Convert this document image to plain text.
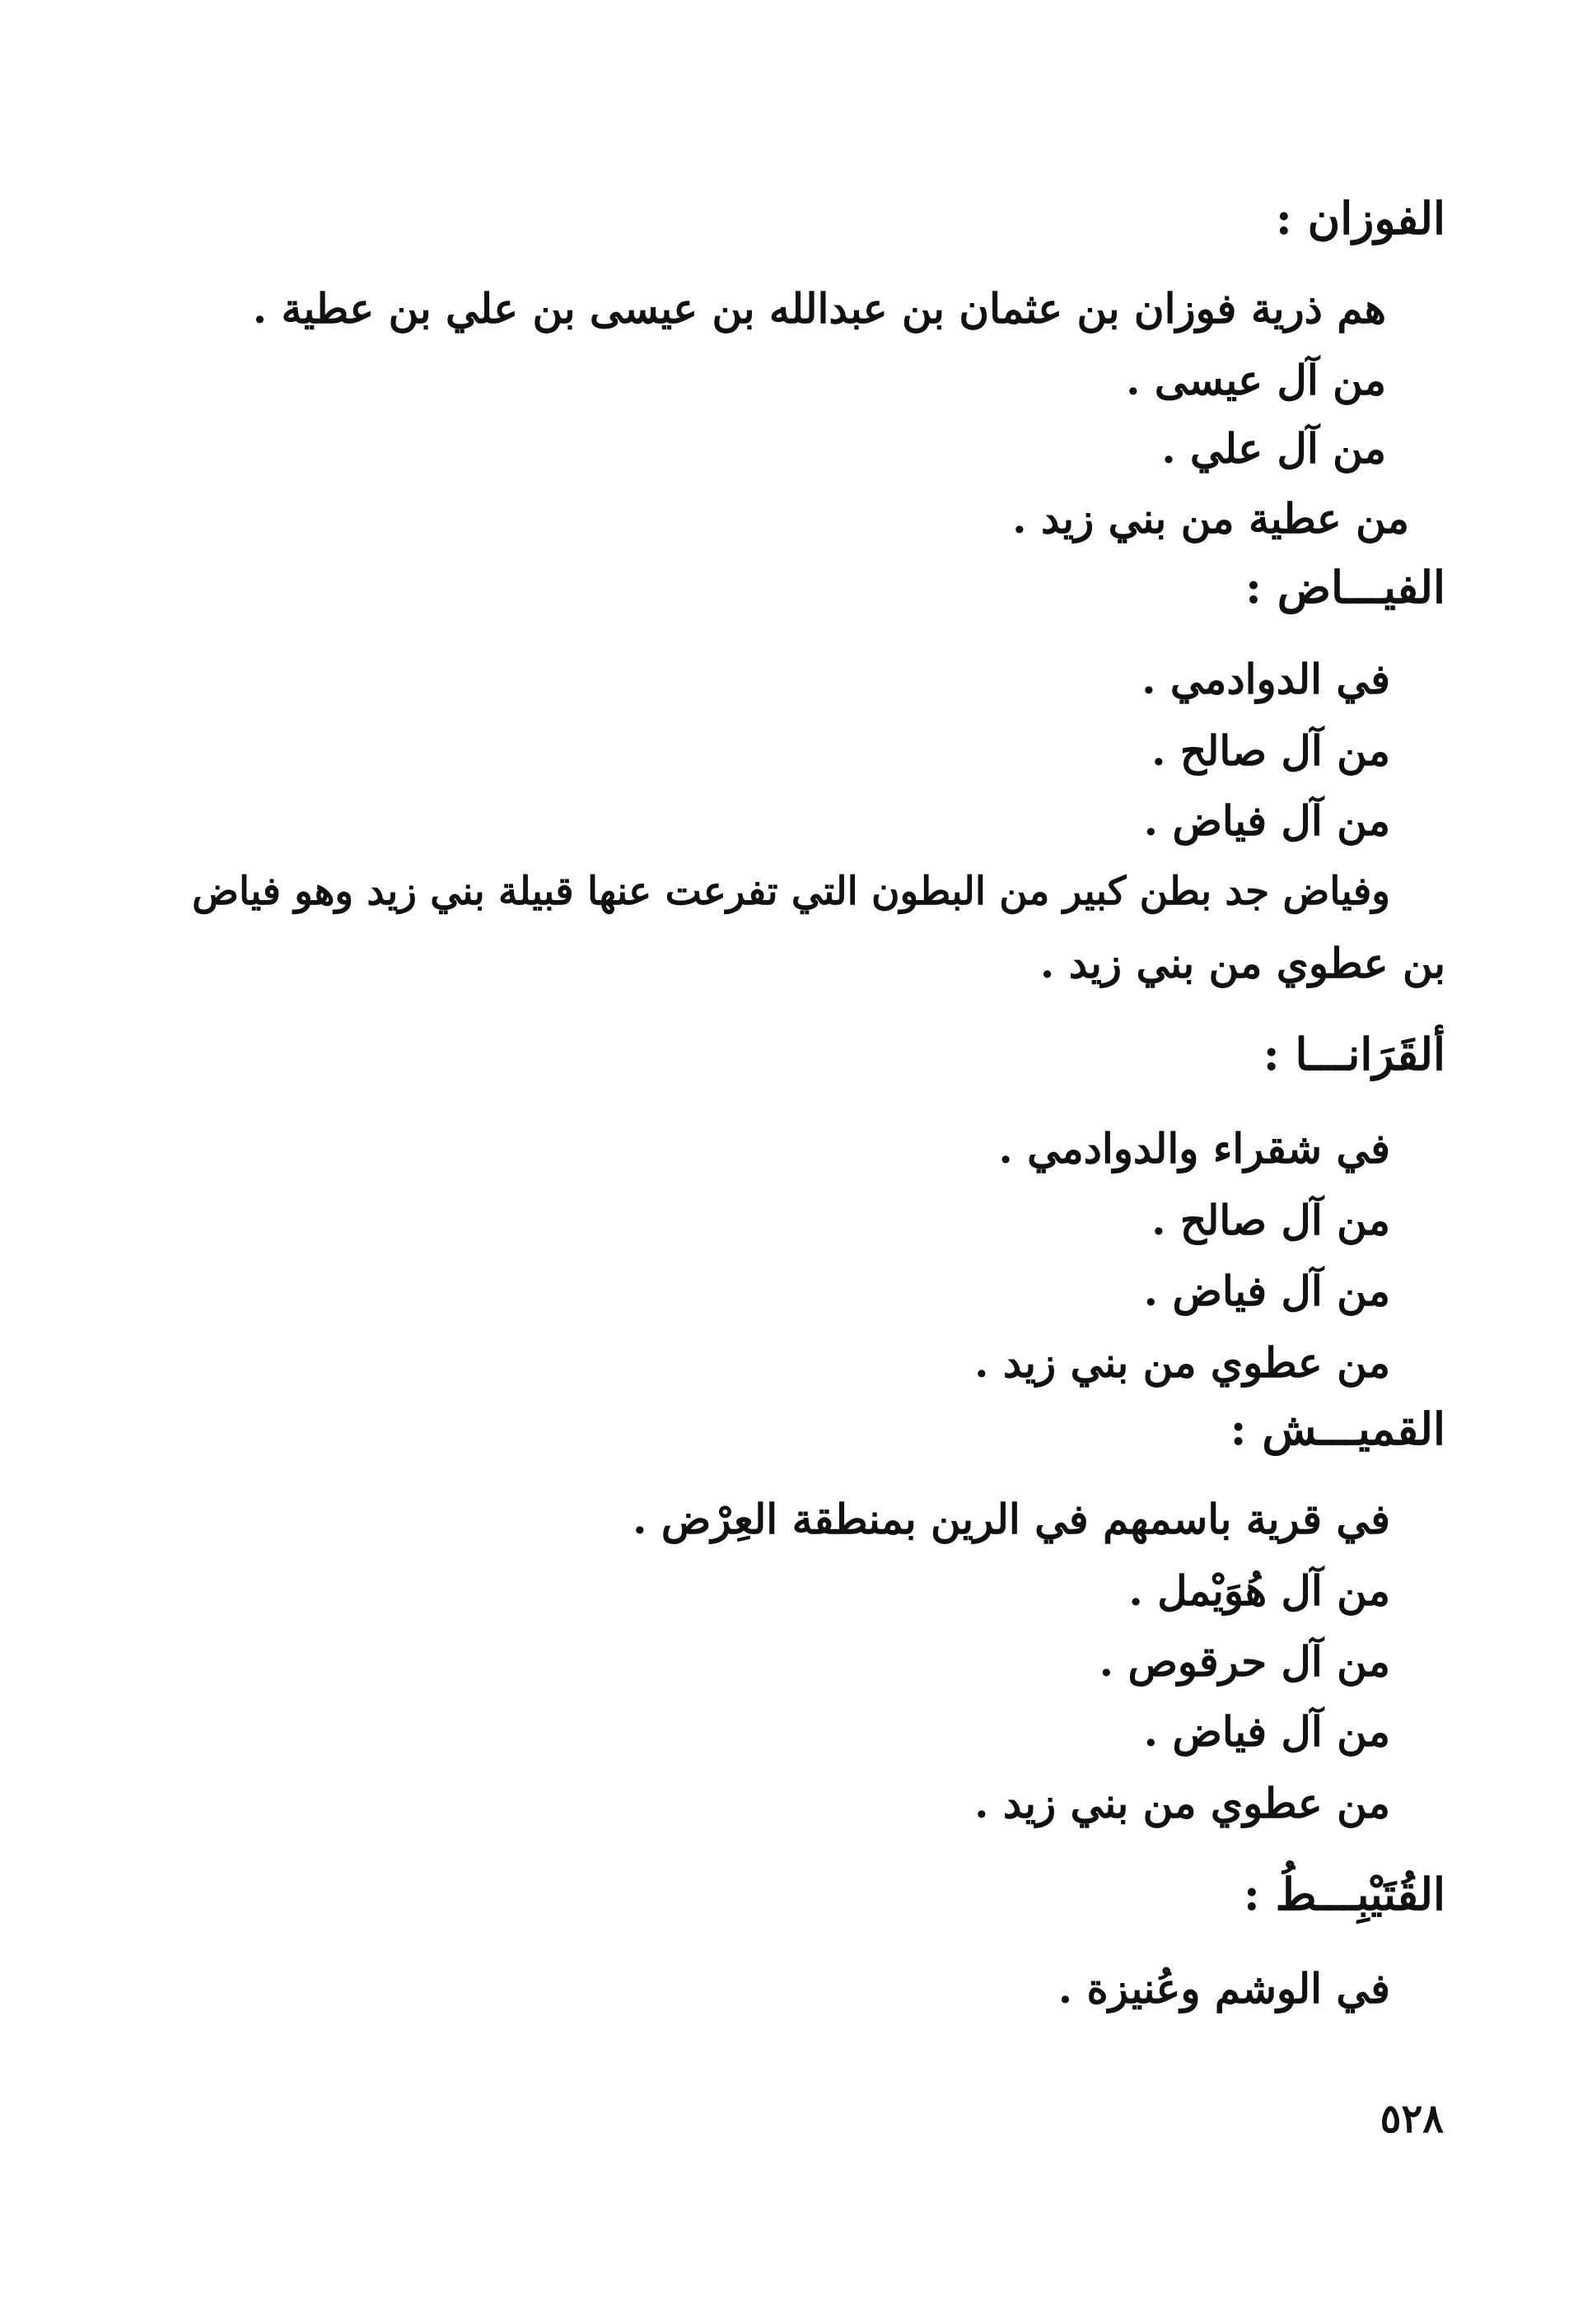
الفوزان :
هم ذرية فوزان بن عثمان بن عبدالله بن عيسى بن علي بن عطية .
من آل عيسى .
من آل علي .
من عطية من بني زيد .
الفيـــاض :
في الدوادمي .
من آل صالح .
من آل فياض .
وفياض جد بطن كبير من البطون التي تفرعت عنها قبيلة بني زيد وهو فياض
بن عطوي من بني زيد .
ألقَرَانـــا :
في شقراء والدوادمي .
من آل صالح .
من آل فياض .
من عطوي من بني زيد .
القميـــش :
في قرية باسمهم في الرين بمنطقة العِرْض .
من آل هُوَيْمل .
من آل حرقوص .
من آل فياض .
من عطوي من بني زيد .
القُتَيْبِـــطُ :
في الوشم وعُنيزة .
٥٢٨
